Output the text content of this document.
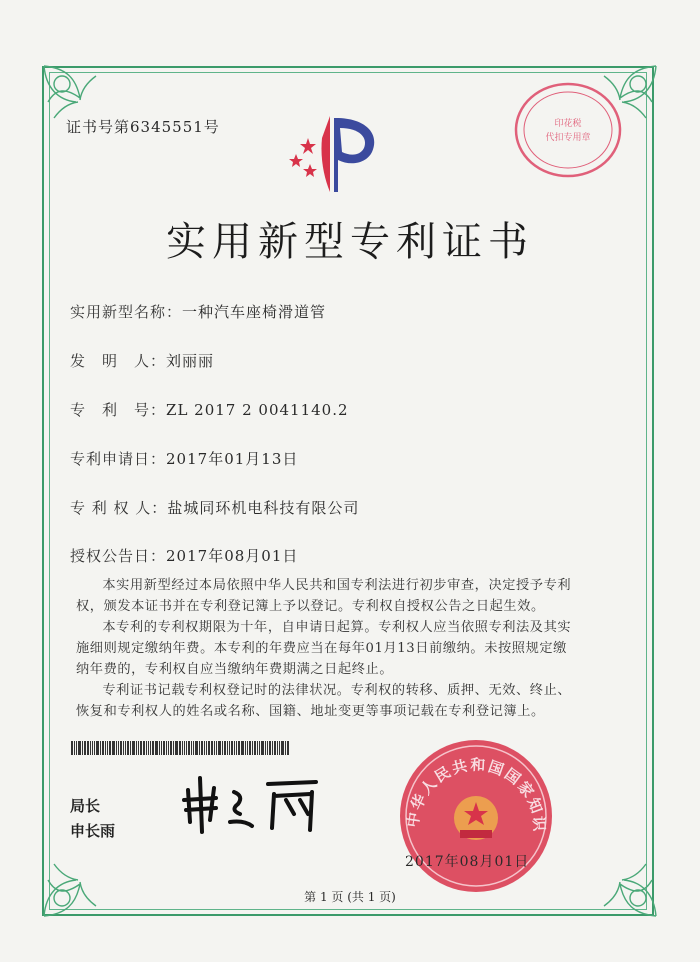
证书号第6345551号	印花税
代扣专用章
实用新型专利证书
实用新型名称：一种汽车座椅滑道管
发　明　人：刘丽丽
专　利　号：ZL 2017 2 0041140.2
专利申请日：2017年01月13日
专 利 权 人：盐城同环机电科技有限公司
授权公告日：2017年08月01日

本实用新型经过本局依照中华人民共和国专利法进行初步审查，决定授予专利权，颁发本证书并在专利登记簿上予以登记。专利权自授权公告之日起生效。

本专利的专利权期限为十年，自申请日起算。专利权人应当依照专利法及其实施细则规定缴纳年费。本专利的年费应当在每年01月13日前缴纳。未按照规定缴纳年费的，专利权自应当缴纳年费期满之日起终止。

专利证书记载专利权登记时的法律状况。专利权的转移、质押、无效、终止、恢复和专利权人的姓名或名称、国籍、地址变更等事项记载在专利登记簿上。

局长
申长雨
中华人民共和国国家知识
2017年08月01日
第 1 页 (共 1 页)
